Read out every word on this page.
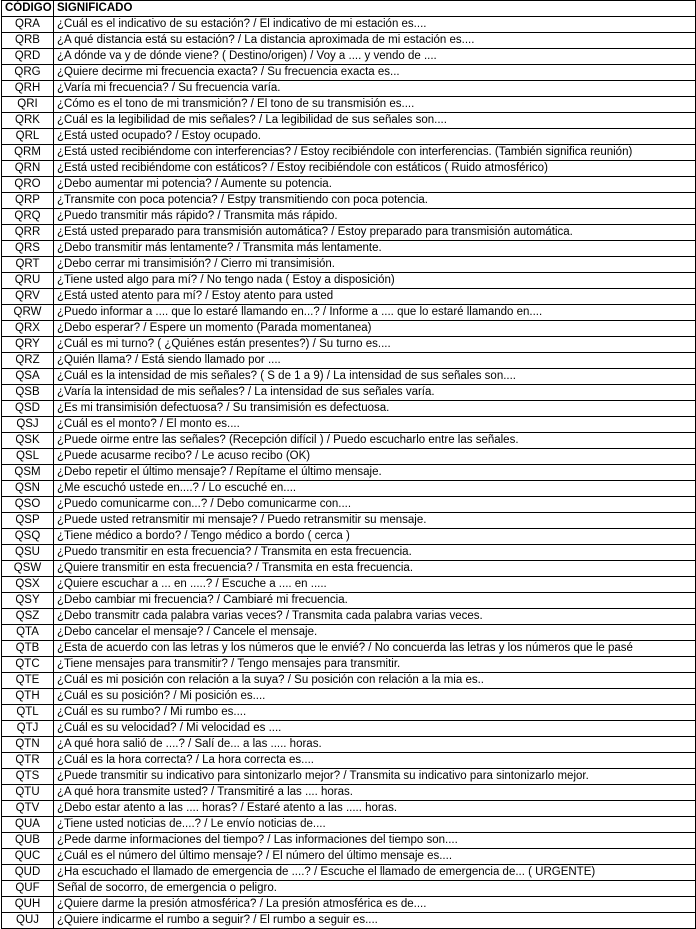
CÓDIGO	SIGNIFICADO
QRA	¿Cuál es el indicativo de su estación? / El indicativo de mi estación es....
QRB	¿A qué distancia está su estación? / La distancia aproximada de mi estación es....
QRD	¿A dónde va y de dónde viene? ( Destino/origen) / Voy a .... y vendo de ....
QRG	¿Quiere decirme mi frecuencia exacta? / Su frecuencia exacta es...
QRH	¿Varía mi frecuencia? / Su frecuencia varía.
QRI	¿Cómo es el tono de mi transmición? / El tono de su transmisión es....
QRK	¿Cuál es la legibilidad de mis señales? / La legibilidad de sus señales son....
QRL	¿Está usted ocupado? / Estoy ocupado.
QRM	¿Está usted recibiéndome con interferencias? / Estoy recibiéndole con interferencias. (También significa reunión)
QRN	¿Está usted recibiéndome con estáticos? / Estoy recibiéndole con estáticos ( Ruido atmosférico)
QRO	¿Debo aumentar mi potencia? / Aumente su potencia.
QRP	¿Transmite con poca potencia? / Estpy transmitiendo con poca potencia.
QRQ	¿Puedo transmitir más rápido? / Transmita más rápido.
QRR	¿Está usted preparado para transmisión automática? / Estoy preparado para transmisión automática.
QRS	¿Debo transmitir más lentamente? / Transmita más lentamente.
QRT	¿Debo cerrar mi transimisión? / Cierro mi transimisión.
QRU	¿Tiene usted algo para mí? / No tengo nada ( Estoy a disposición)
QRV	¿Está usted atento para mí? / Estoy atento para usted
QRW	¿Puedo informar a .... que lo estaré llamando en...? / Informe a .... que lo estaré llamando en....
QRX	¿Debo esperar? / Espere un momento (Parada momentanea)
QRY	¿Cuál es mi turno? ( ¿Quiénes están presentes?) / Su turno es....
QRZ	¿Quién llama? / Está siendo llamado por ....
QSA	¿Cuál es la intensidad de mis señales? ( S de 1 a 9) / La intensidad de sus señales son....
QSB	¿Varía la intensidad de mis señales? / La intensidad de sus señales varía.
QSD	¿Es mi transimisión defectuosa? / Su transimisión es defectuosa.
QSJ	¿Cuál es el monto? / El monto es....
QSK	¿Puede oirme entre las señales? (Recepción difícil ) / Puedo escucharlo entre las señales.
QSL	¿Puede acusarme recibo? / Le acuso recibo (OK)
QSM	¿Debo repetir el último mensaje? / Repítame el último mensaje.
QSN	¿Me escuchó ustede en....? / Lo escuché en....
QSO	¿Puedo comunicarme con...? / Debo comunicarme con....
QSP	¿Puede usted retransmitir mi mensaje? / Puedo retransmitir su mensaje.
QSQ	¿Tiene médico a bordo? / Tengo médico a bordo ( cerca )
QSU	¿Puedo transmitir en esta frecuencia? / Transmita en esta frecuencia.
QSW	¿Quiere transmitir en esta frecuencia? / Transmita en esta frecuencia.
QSX	¿Quiere escuchar a ... en .....? / Escuche a .... en .....
QSY	¿Debo cambiar mi frecuencia? / Cambiaré mi frecuencia.
QSZ	¿Debo transmitr cada palabra varias veces? / Transmita cada palabra varias veces.
QTA	¿Debo cancelar el mensaje? / Cancele el mensaje.
QTB	¿Esta de acuerdo con las letras y los números que le envié? / No concuerda las letras y los números que le pasé
QTC	¿Tiene mensajes para transmitir? / Tengo mensajes para transmitir.
QTE	¿Cuál es mi posición con relación a la suya? / Su posición con relación a la mia es..
QTH	¿Cuál es su posición? / Mi posición es....
QTL	¿Cuál es su rumbo? / Mi rumbo es....
QTJ	¿Cuál es su velocidad? / Mi velocidad es ....
QTN	¿A qué hora salió de ....? / Salí de... a las ..... horas.
QTR	¿Cuál es la hora correcta? / La hora correcta es....
QTS	¿Puede transmitir su indicativo para sintonizarlo mejor? / Transmita su indicativo para sintonizarlo mejor.
QTU	¿A qué hora transmite usted? / Transmitiré a las .... horas.
QTV	¿Debo estar atento a las .... horas? / Estaré atento a las ..... horas.
QUA	¿Tiene usted noticias de....? / Le envío noticias de....
QUB	¿Pede darme informaciones del tiempo? / Las informaciones del tiempo son....
QUC	¿Cuál es el número del último mensaje? / El número del último mensaje es....
QUD	¿Ha escuchado el llamado de emergencia de ....? / Escuche el llamado de emergencia de... ( URGENTE)
QUF	Señal de socorro, de emergencia o peligro.
QUH	¿Quiere darme la presión atmosférica? / La presión atmosférica es de....
QUJ	¿Quiere indicarme el rumbo a seguir? / El rumbo a seguir es....
